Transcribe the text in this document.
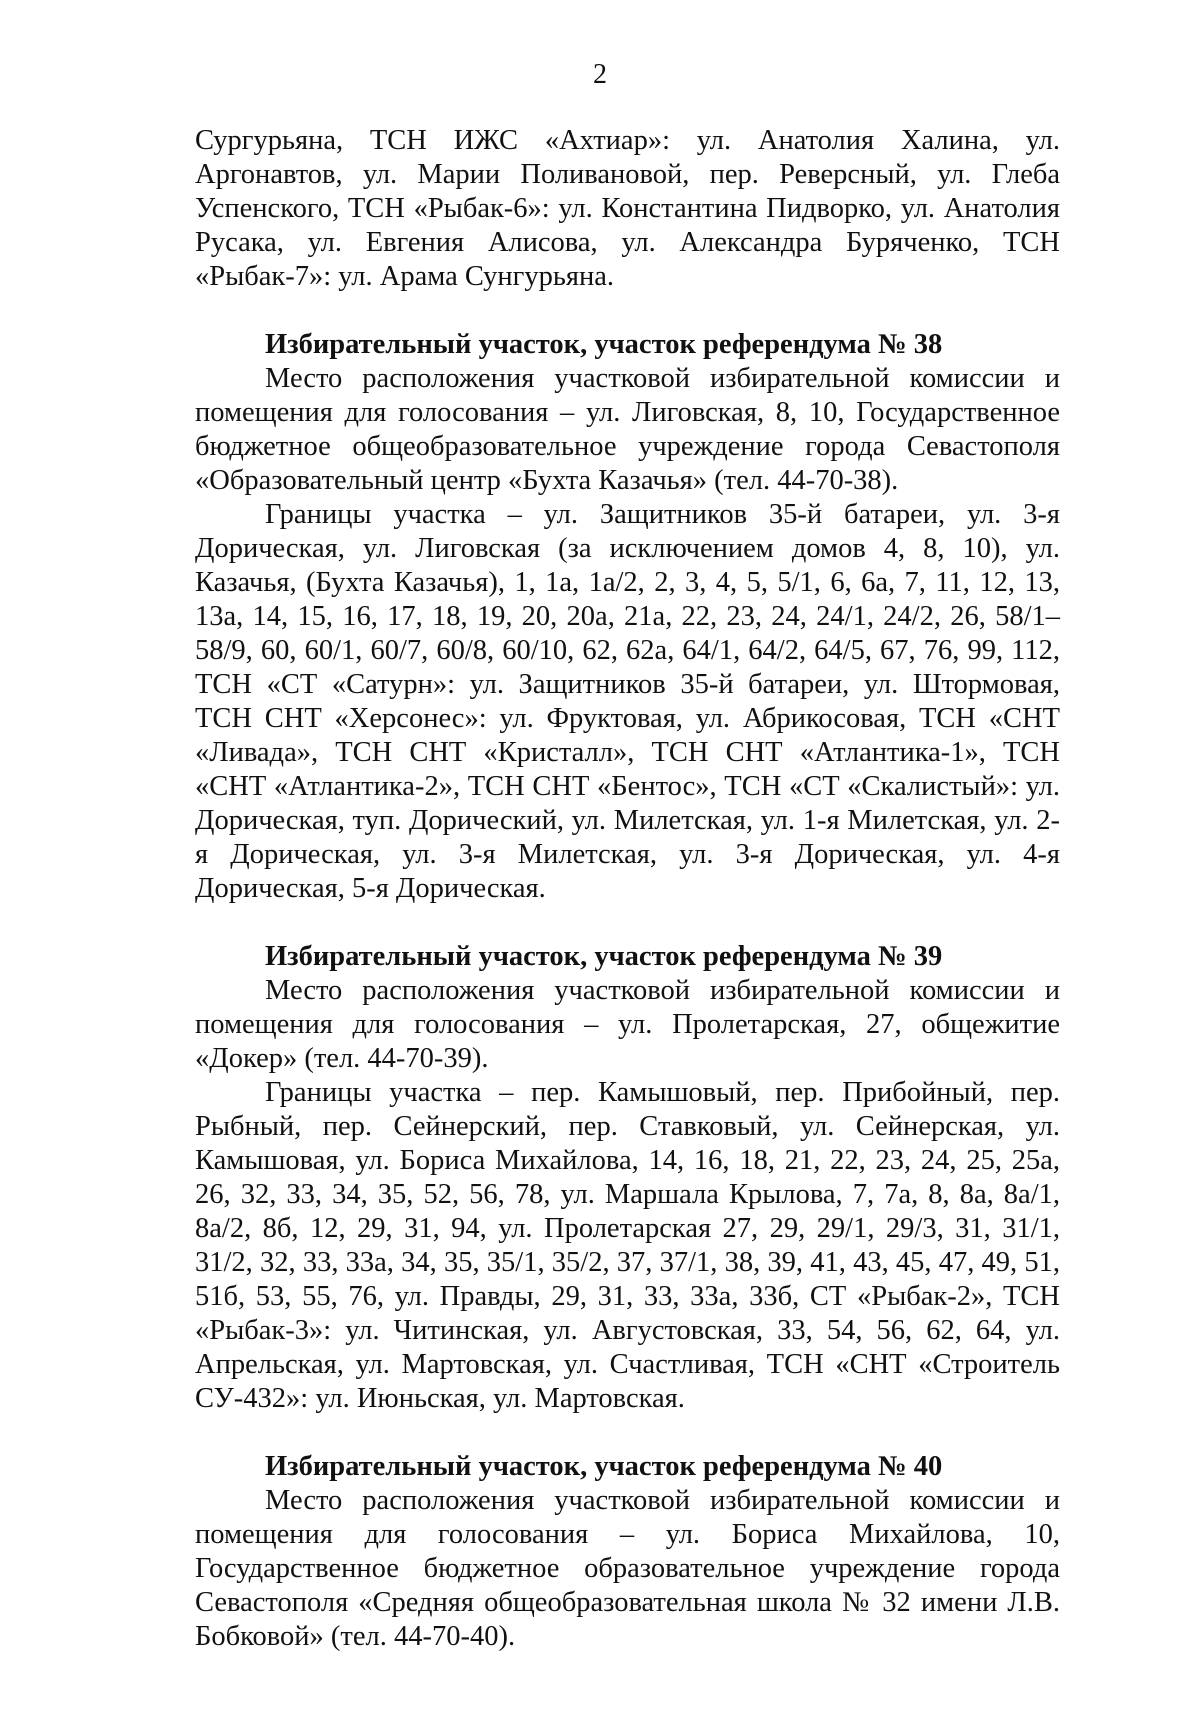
2

Сургурьяна, ТСН ИЖС «Ахтиар»: ул. Анатолия Халина, ул. Аргонавтов, ул. Марии Поливановой, пер. Реверсный, ул. Глеба Успенского, ТСН «Рыбак-6»: ул. Константина Пидворко, ул. Анатолия Русака, ул. Евгения Алисова, ул. Александра Буряченко, ТСН «Рыбак-7»: ул. Арама Сунгурьяна.

Избирательный участок, участок референдума № 38

Место расположения участковой избирательной комиссии и помещения для голосования – ул. Лиговская, 8, 10, Государственное бюджетное общеобразовательное учреждение города Севастополя «Образовательный центр «Бухта Казачья» (тел. 44-70-38).

Границы участка – ул. Защитников 35-й батареи, ул. 3-я Дорическая, ул. Лиговская (за исключением домов 4, 8, 10), ул. Казачья, (Бухта Казачья), 1, 1а, 1а/2, 2, 3, 4, 5, 5/1, 6, 6а, 7, 11, 12, 13, 13а, 14, 15, 16, 17, 18, 19, 20, 20а, 21а, 22, 23, 24, 24/1, 24/2, 26, 58/1–58/9, 60, 60/1, 60/7, 60/8, 60/10, 62, 62а, 64/1, 64/2, 64/5, 67, 76, 99, 112, ТСН «СТ «Сатурн»: ул. Защитников 35-й батареи, ул. Штормовая, ТСН СНТ «Херсонес»: ул. Фруктовая, ул. Абрикосовая, ТСН «СНТ «Ливада», ТСН СНТ «Кристалл», ТСН СНТ «Атлантика-1», ТСН «СНТ «Атлантика-2», ТСН СНТ «Бентос», ТСН «СТ «Скалистый»: ул. Дорическая, туп. Дорический, ул. Милетская, ул. 1-я Милетская, ул. 2-я Дорическая, ул. 3-я Милетская, ул. 3-я Дорическая, ул. 4-я Дорическая, 5-я Дорическая.

Избирательный участок, участок референдума № 39

Место расположения участковой избирательной комиссии и помещения для голосования – ул. Пролетарская, 27, общежитие «Докер» (тел. 44-70-39).

Границы участка – пер. Камышовый, пер. Прибойный, пер. Рыбный, пер. Сейнерский, пер. Ставковый, ул. Сейнерская, ул. Камышовая, ул. Бориса Михайлова, 14, 16, 18, 21, 22, 23, 24, 25, 25а, 26, 32, 33, 34, 35, 52, 56, 78, ул. Маршала Крылова, 7, 7а, 8, 8а, 8а/1, 8а/2, 8б, 12, 29, 31, 94, ул. Пролетарская 27, 29, 29/1, 29/3, 31, 31/1, 31/2, 32, 33, 33а, 34, 35, 35/1, 35/2, 37, 37/1, 38, 39, 41, 43, 45, 47, 49, 51, 51б, 53, 55, 76, ул. Правды, 29, 31, 33, 33а, 33б, СТ «Рыбак-2», ТСН «Рыбак-3»: ул. Читинская, ул. Августовская, 33, 54, 56, 62, 64, ул. Апрельская, ул. Мартовская, ул. Счастливая, ТСН «СНТ «Строитель СУ-432»: ул. Июньская, ул. Мартовская.

Избирательный участок, участок референдума № 40

Место расположения участковой избирательной комиссии и помещения для голосования – ул. Бориса Михайлова, 10, Государственное бюджетное образовательное учреждение города Севастополя «Средняя общеобразовательная школа № 32 имени Л.В. Бобковой» (тел. 44-70-40).
